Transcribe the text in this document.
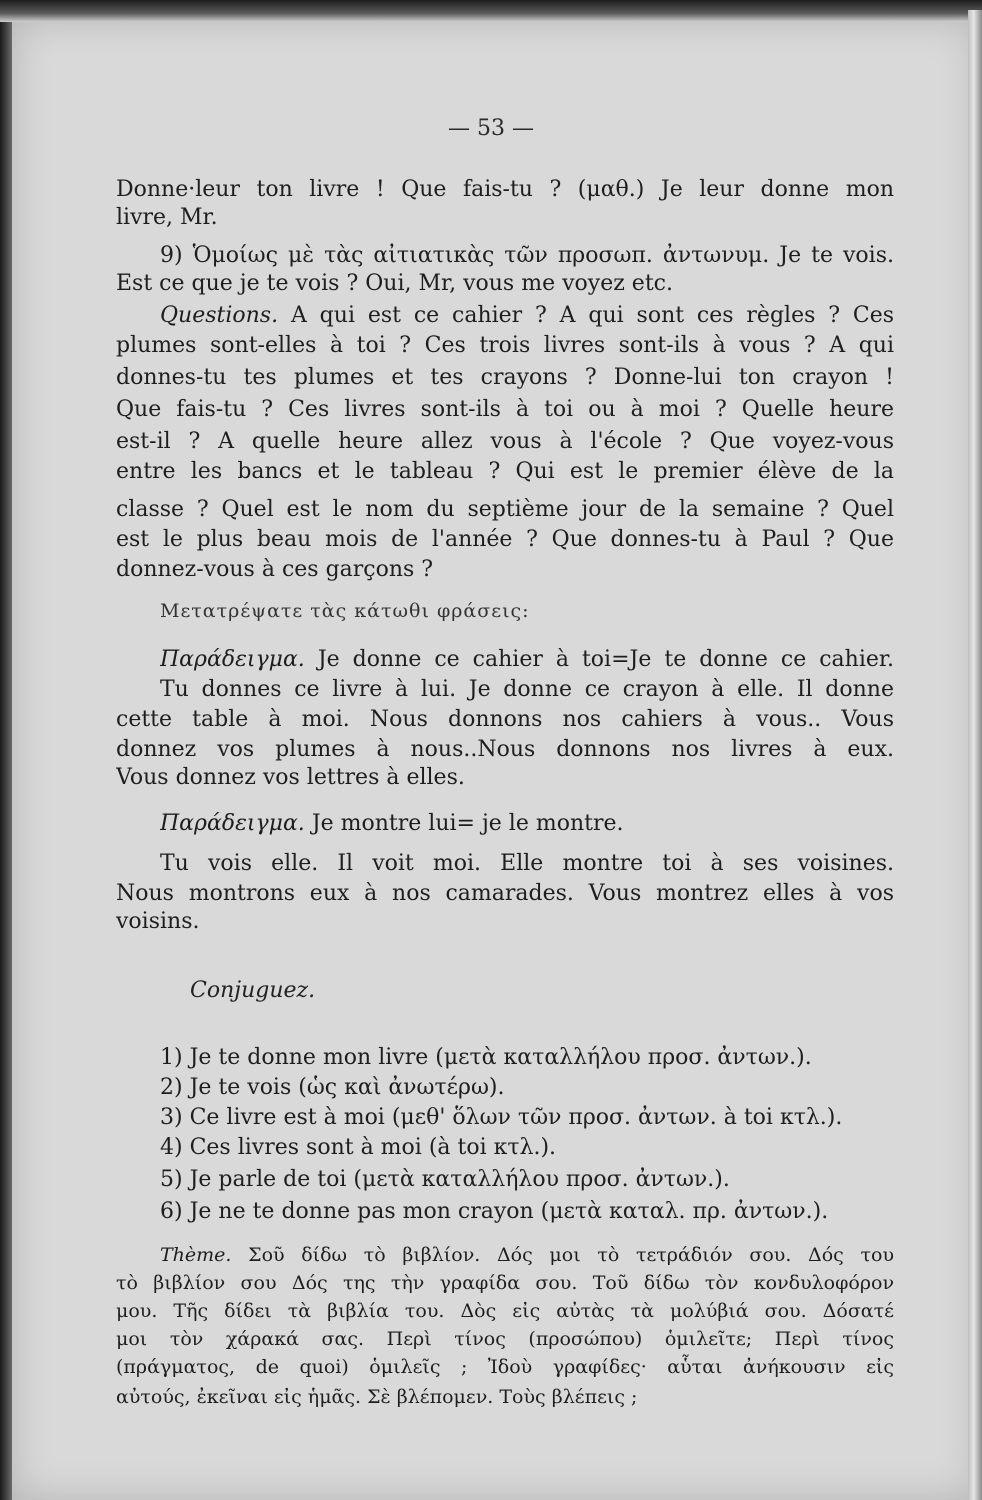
— 53 —
Donne·leur ton livre ! Que fais-tu ? (μαθ.) Je leur donne mon
livre, Mr.
9) Ὁμοίως μὲ τὰς αἰτιατικὰς τῶν προσωπ. ἀντωνυμ. Je te vois.
Est ce que je te vois ? Oui, Mr, vous me voyez etc.
Questions. A qui est ce cahier ? A qui sont ces règles ? Ces
plumes sont-elles à toi ? Ces trois livres sont-ils à vous ? A qui
donnes-tu tes plumes et tes crayons ? Donne-lui ton crayon !
Que fais-tu ? Ces livres sont-ils à toi ou à moi ? Quelle heure
est-il ? A quelle heure allez vous à l'école ? Que voyez-vous
entre les bancs et le tableau ? Qui est le premier élève de la
classe ? Quel est le nom du septième jour de la semaine ? Quel
est le plus beau mois de l'année ? Que donnes-tu à Paul ? Que
donnez-vous à ces garçons ?
Μετατρέψατε τὰς κάτωθι φράσεις:
Παράδειγμα. Je donne ce cahier à toi=Je te donne ce cahier.
Tu donnes ce livre à lui. Je donne ce crayon à elle. Il donne
cette table à moi. Nous donnons nos cahiers à vous.. Vous
donnez vos plumes à nous..Nous donnons nos livres à eux.
Vous donnez vos lettres à elles.
Παράδειγμα. Je montre lui= je le montre.
Tu vois elle. Il voit moi. Elle montre toi à ses voisines.
Nous montrons eux à nos camarades. Vous montrez elles à vos
voisins.
Conjuguez.
1) Je te donne mon livre (μετὰ καταλλήλου προσ. ἀντων.).
2) Je te vois (ὡς καὶ ἀνωτέρω).
3) Ce livre est à moi (μεθ' ὅλων τῶν προσ. ἀντων. à toi κτλ.).
4) Ces livres sont à moi (à toi κτλ.).
5) Je parle de toi (μετὰ καταλλήλου προσ. ἀντων.).
6) Je ne te donne pas mon crayon (μετὰ καταλ. πρ. ἀντων.).
Thème. Σοῦ δίδω τὸ βιβλίον. Δός μοι τὸ τετράδιόν σου. Δός του
τὸ βιβλίον σου Δός της τὴν γραφίδα σου. Τοῦ δίδω τὸν κονδυλοφόρον
μου. Τῆς δίδει τὰ βιβλία του. Δὸς εἰς αὐτὰς τὰ μολύβιά σου. Δόσατέ
μοι τὸν χάρακά σας. Περὶ τίνος (προσώπου) ὁμιλεῖτε; Περὶ τίνος
(πράγματος, de quoi) ὁμιλεῖς ; Ἰδοὺ γραφίδες· αὗται ἀνήκουσιν εἰς
αὐτούς, ἐκεῖναι εἰς ἡμᾶς. Σὲ βλέπομεν. Τοὺς βλέπεις ;
